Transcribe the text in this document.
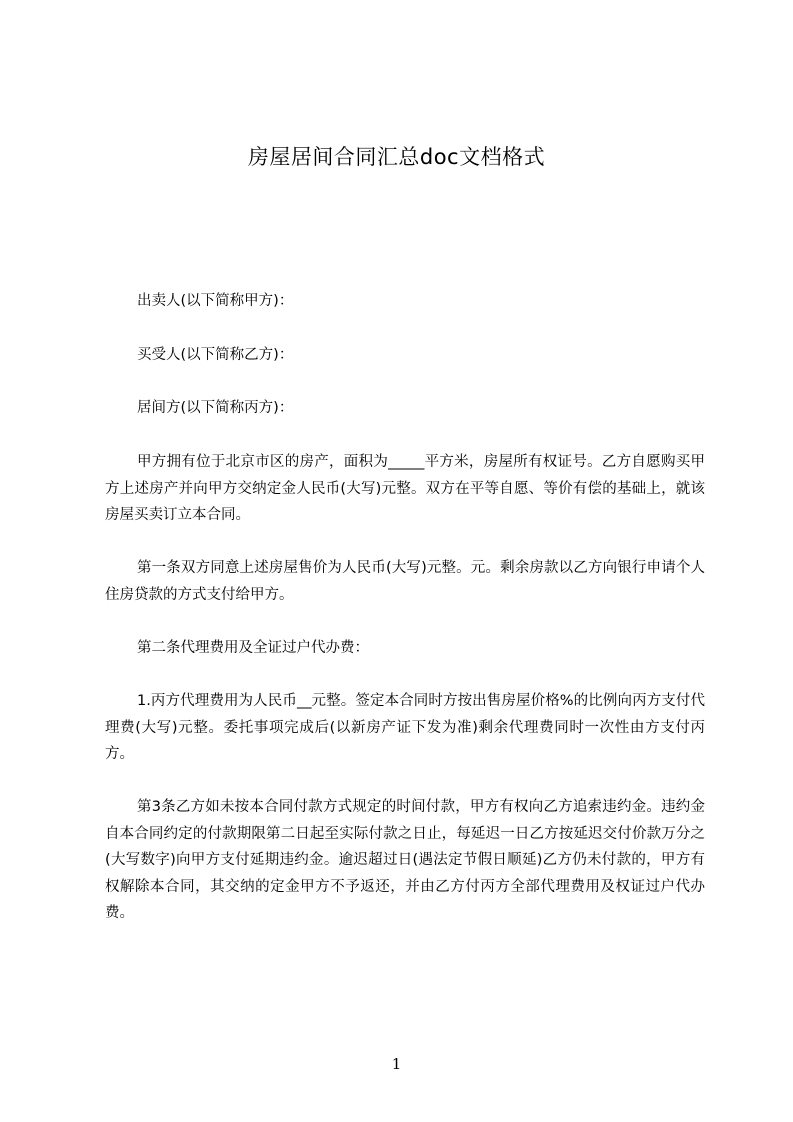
房屋居间合同汇总doc文档格式

出卖人(以下简称甲方)：

买受人(以下简称乙方)：

居间方(以下简称丙方)：

甲方拥有位于北京市区的房产，面积为_____平方米，房屋所有权证号。乙方自愿购买甲方上述房产并向甲方交纳定金人民币(大写)元整。双方在平等自愿、等价有偿的基础上，就该房屋买卖订立本合同。

第一条双方同意上述房屋售价为人民币(大写)元整。元。剩余房款以乙方向银行申请个人住房贷款的方式支付给甲方。

第二条代理费用及全证过户代办费：

1.丙方代理费用为人民币__元整。签定本合同时方按出售房屋价格%的比例向丙方支付代理费(大写)元整。委托事项完成后(以新房产证下发为准)剩余代理费同时一次性由方支付丙方。

第3条乙方如未按本合同付款方式规定的时间付款，甲方有权向乙方追索违约金。违约金自本合同约定的付款期限第二日起至实际付款之日止，每延迟一日乙方按延迟交付价款万分之(大写数字)向甲方支付延期违约金。逾迟超过日(遇法定节假日顺延)乙方仍未付款的，甲方有权解除本合同，其交纳的定金甲方不予返还，并由乙方付丙方全部代理费用及权证过户代办费。

1
